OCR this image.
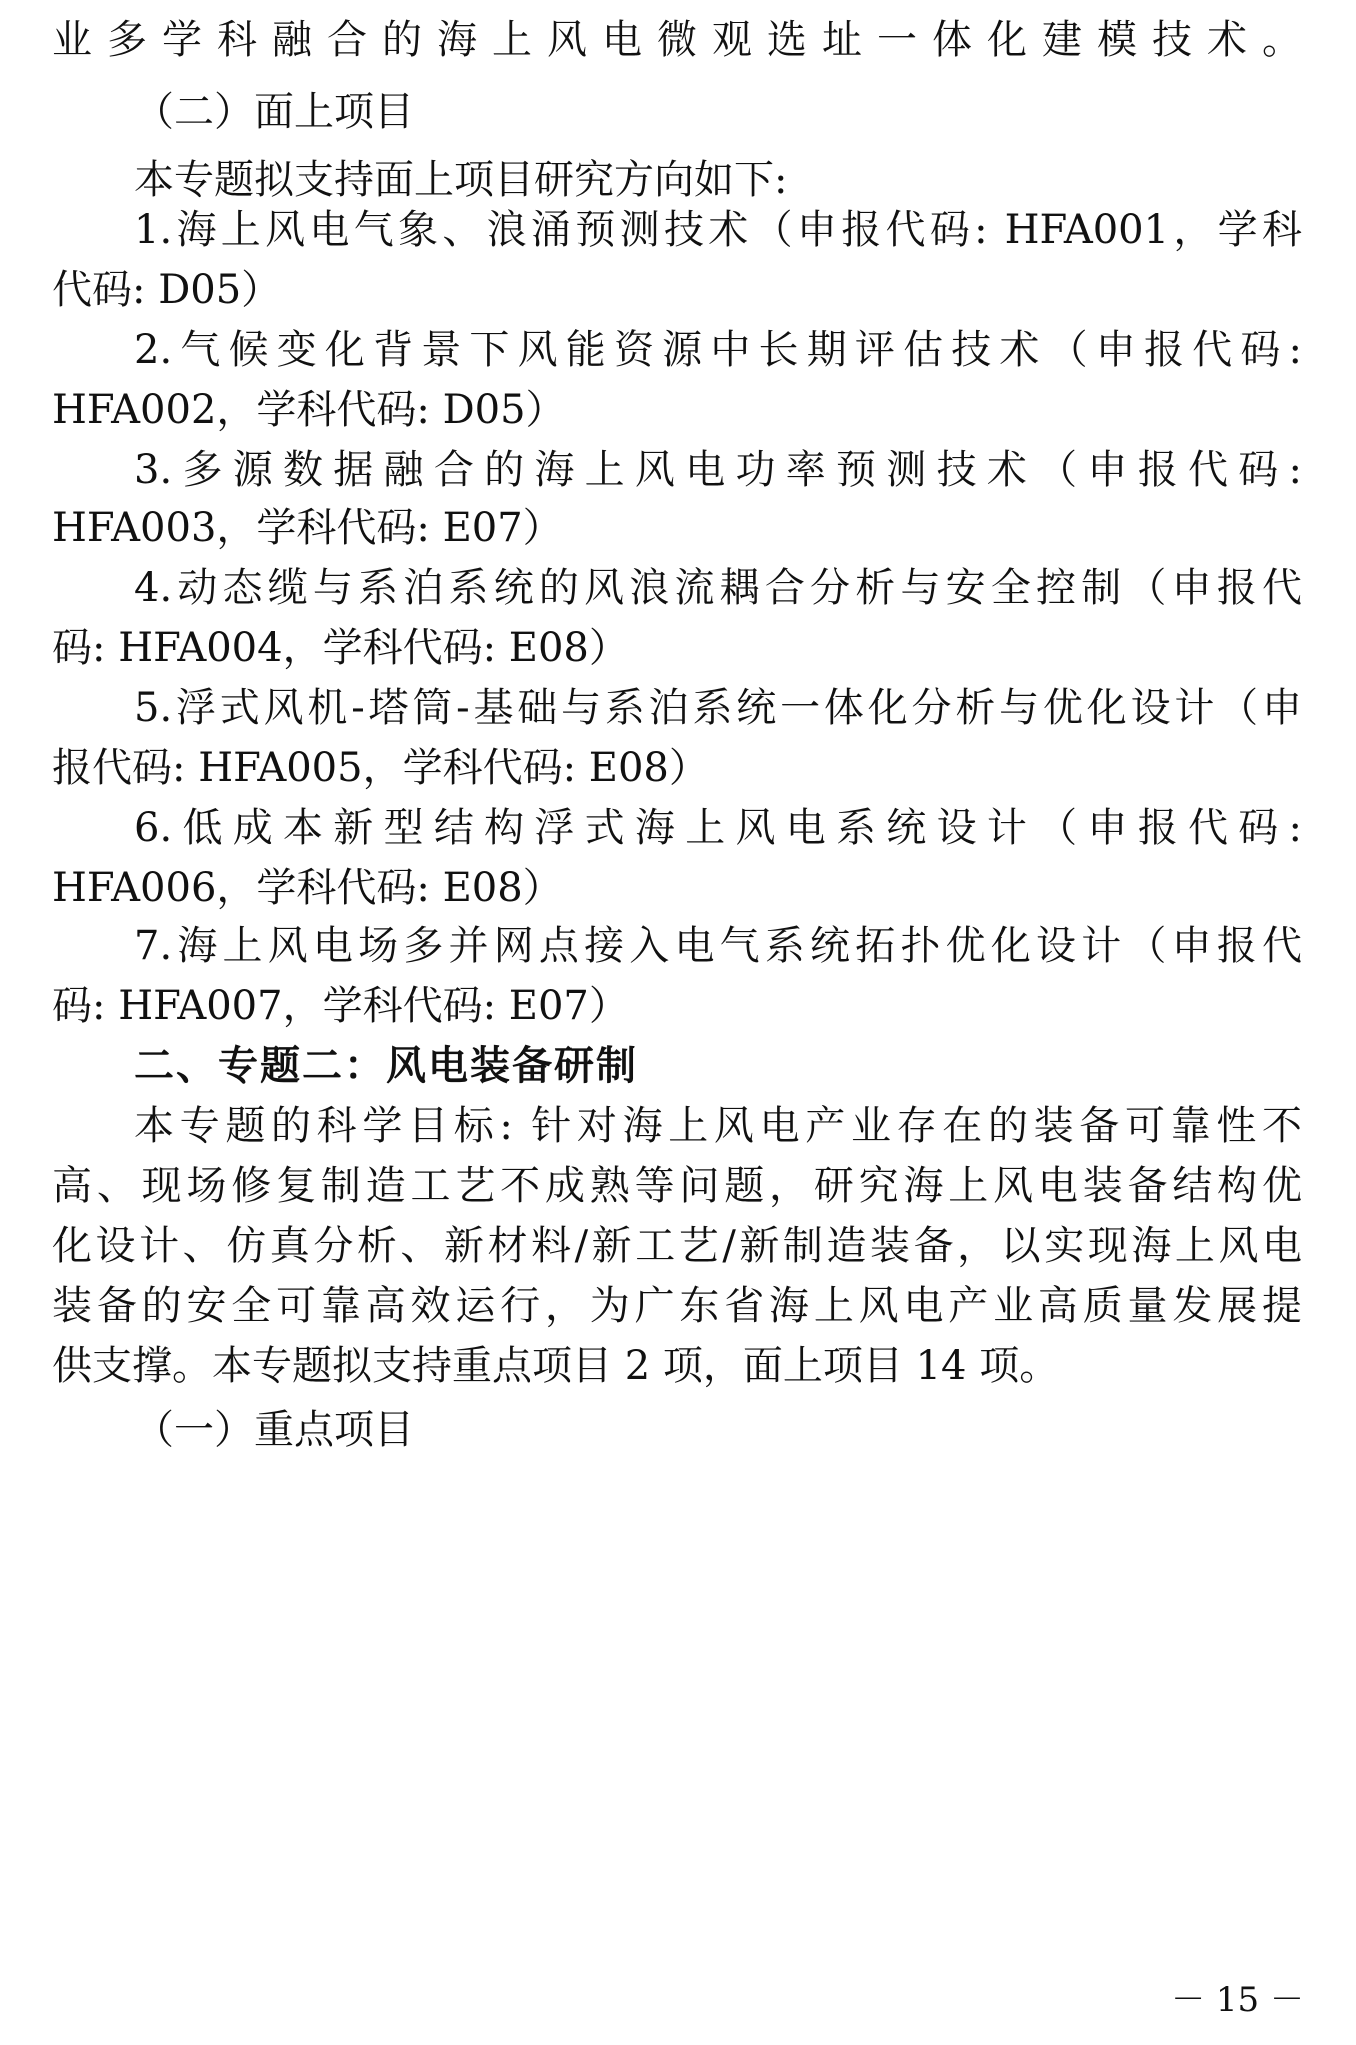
业多学科融合的海上风电微观选址一体化建模技术。
（二）面上项目
本专题拟支持面上项目研究方向如下:
1.海上风电气象、浪涌预测技术（申报代码: HFA001，学科
代码: D05）
2.气候变化背景下风能资源中长期评估技术（申报代码:
HFA002，学科代码: D05）
3.多源数据融合的海上风电功率预测技术（申报代码:
HFA003，学科代码: E07）
4.动态缆与系泊系统的风浪流耦合分析与安全控制（申报代
码: HFA004，学科代码: E08）
5.浮式风机-塔筒-基础与系泊系统一体化分析与优化设计（申
报代码: HFA005，学科代码: E08）
6.低成本新型结构浮式海上风电系统设计（申报代码:
HFA006，学科代码: E08）
7.海上风电场多并网点接入电气系统拓扑优化设计（申报代
码: HFA007，学科代码: E07）
二、专题二：风电装备研制
本专题的科学目标: 针对海上风电产业存在的装备可靠性不
高、现场修复制造工艺不成熟等问题，研究海上风电装备结构优
化设计、仿真分析、新材料/新工艺/新制造装备，以实现海上风电
装备的安全可靠高效运行，为广东省海上风电产业高质量发展提
供支撑。本专题拟支持重点项目 2 项，面上项目 14 项。
（一）重点项目
－ 15 －
